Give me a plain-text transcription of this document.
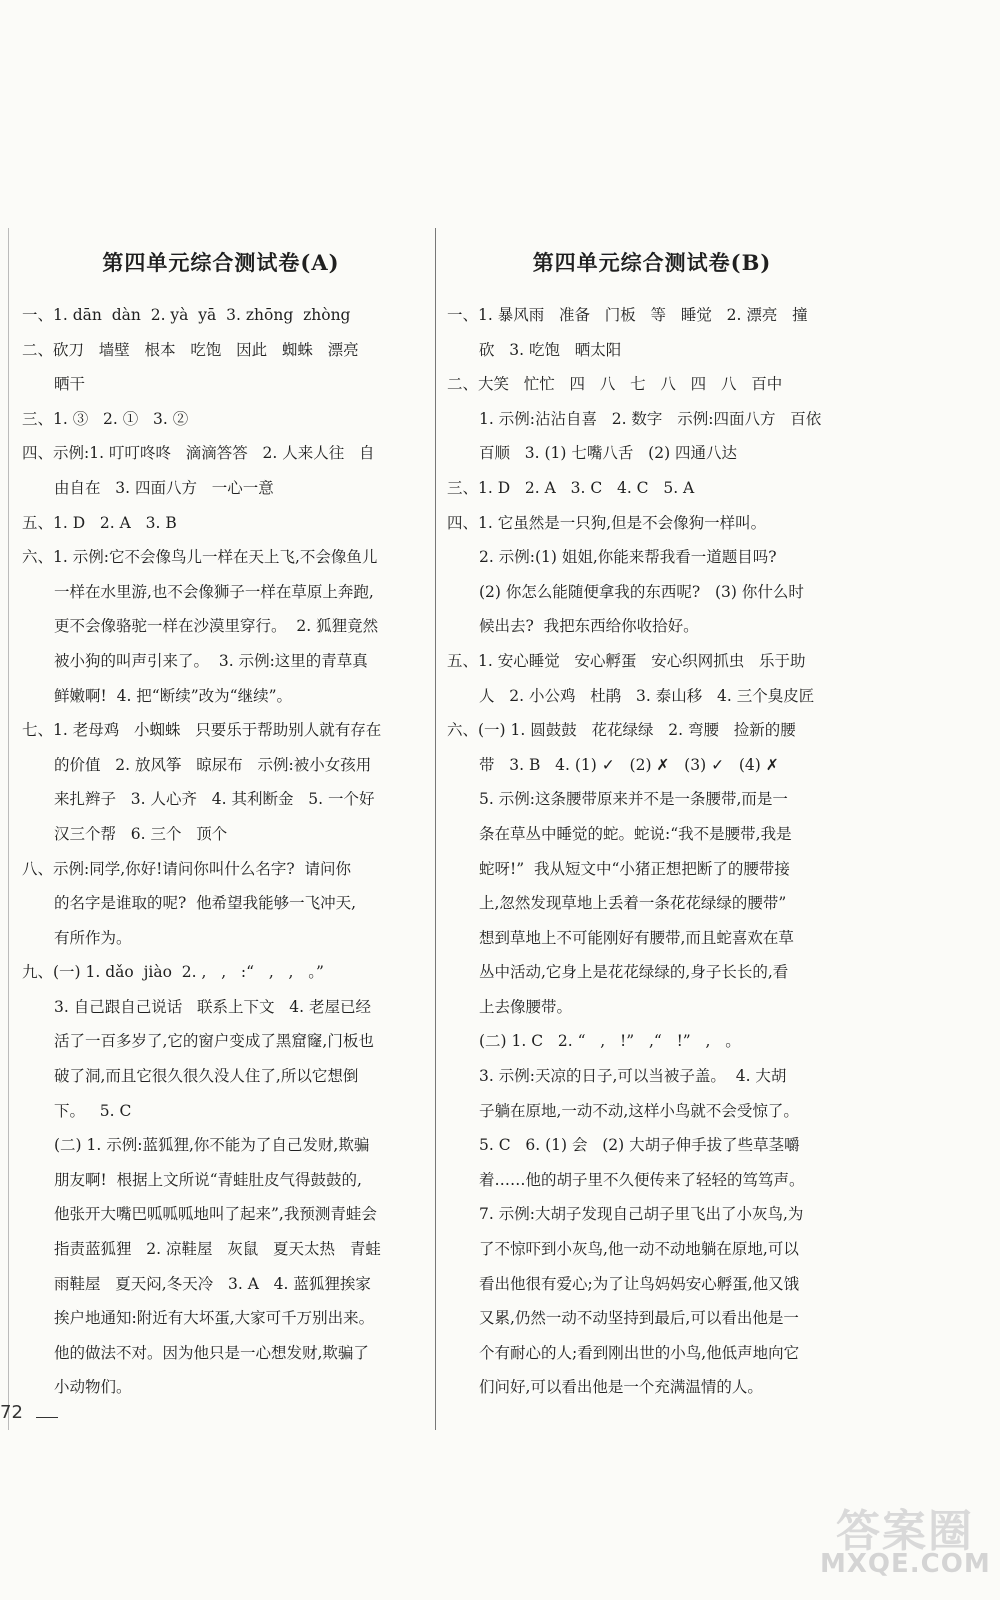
第四单元综合测试卷(A)
一、1. dān  dàn  2. yà  yā  3. zhōng  zhòng
二、砍刀   墙壁   根本   吃饱   因此   蜘蛛   漂亮
晒干
三、1. ③   2. ①   3. ②
四、示例:1. 叮叮咚咚   滴滴答答   2. 人来人往   自
由自在   3. 四面八方   一心一意
五、1. D   2. A   3. B
六、1. 示例:它不会像鸟儿一样在天上飞,不会像鱼儿
一样在水里游,也不会像狮子一样在草原上奔跑,
更不会像骆驼一样在沙漠里穿行。  2. 狐狸竟然
被小狗的叫声引来了。  3. 示例:这里的青草真
鲜嫩啊!  4. 把“断续”改为“继续”。
七、1. 老母鸡   小蜘蛛   只要乐于帮助别人就有存在
的价值   2. 放风筝   晾尿布   示例:被小女孩用
来扎辫子   3. 人心齐   4. 其利断金   5. 一个好
汉三个帮   6. 三个   顶个
八、示例:同学,你好!请问你叫什么名字?  请问你
的名字是谁取的呢?  他希望我能够一飞冲天,
有所作为。
九、(一) 1. dǎo  jiào  2. ,   ,   :“   ,   ,   。”
3. 自己跟自己说话   联系上下文   4. 老屋已经
活了一百多岁了,它的窗户变成了黑窟窿,门板也
破了洞,而且它很久很久没人住了,所以它想倒
下。   5. C
(二) 1. 示例:蓝狐狸,你不能为了自己发财,欺骗
朋友啊!  根据上文所说“青蛙肚皮气得鼓鼓的,
他张开大嘴巴呱呱呱地叫了起来”,我预测青蛙会
指责蓝狐狸   2. 凉鞋屋   灰鼠   夏天太热   青蛙
雨鞋屋   夏天闷,冬天冷   3. A   4. 蓝狐狸挨家
挨户地通知:附近有大坏蛋,大家可千万别出来。
他的做法不对。因为他只是一心想发财,欺骗了
小动物们。
第四单元综合测试卷(B)
一、1. 暴风雨   准备   门板   等   睡觉   2. 漂亮   撞
砍   3. 吃饱   晒太阳
二、大笑   忙忙   四   八   七   八   四   八   百中
1. 示例:沾沾自喜   2. 数字   示例:四面八方   百依
百顺   3. (1) 七嘴八舌   (2) 四通八达
三、1. D   2. A   3. C   4. C   5. A
四、1. 它虽然是一只狗,但是不会像狗一样叫。
2. 示例:(1) 姐姐,你能来帮我看一道题目吗?
(2) 你怎么能随便拿我的东西呢?   (3) 你什么时
候出去?  我把东西给你收拾好。
五、1. 安心睡觉   安心孵蛋   安心织网抓虫   乐于助
人   2. 小公鸡   杜鹃   3. 泰山移   4. 三个臭皮匠
六、(一) 1. 圆鼓鼓   花花绿绿   2. 弯腰   捡新的腰
带   3. B   4. (1) ✓   (2) ✗   (3) ✓   (4) ✗
5. 示例:这条腰带原来并不是一条腰带,而是一
条在草丛中睡觉的蛇。蛇说:“我不是腰带,我是
蛇呀!”  我从短文中“小猪正想把断了的腰带接
上,忽然发现草地上丢着一条花花绿绿的腰带”
想到草地上不可能刚好有腰带,而且蛇喜欢在草
丛中活动,它身上是花花绿绿的,身子长长的,看
上去像腰带。
(二) 1. C   2. “   ,   !”   ,“   !”   ,   。
3. 示例:天凉的日子,可以当被子盖。  4. 大胡
子躺在原地,一动不动,这样小鸟就不会受惊了。
5. C   6. (1) 会   (2) 大胡子伸手拔了些草茎嚼
着……他的胡子里不久便传来了轻轻的笃笃声。
7. 示例:大胡子发现自己胡子里飞出了小灰鸟,为
了不惊吓到小灰鸟,他一动不动地躺在原地,可以
看出他很有爱心;为了让鸟妈妈安心孵蛋,他又饿
又累,仍然一动不动坚持到最后,可以看出他是一
个有耐心的人;看到刚出世的小鸟,他低声地向它
们问好,可以看出他是一个充满温情的人。
72
答案圈
MXQE.COM
